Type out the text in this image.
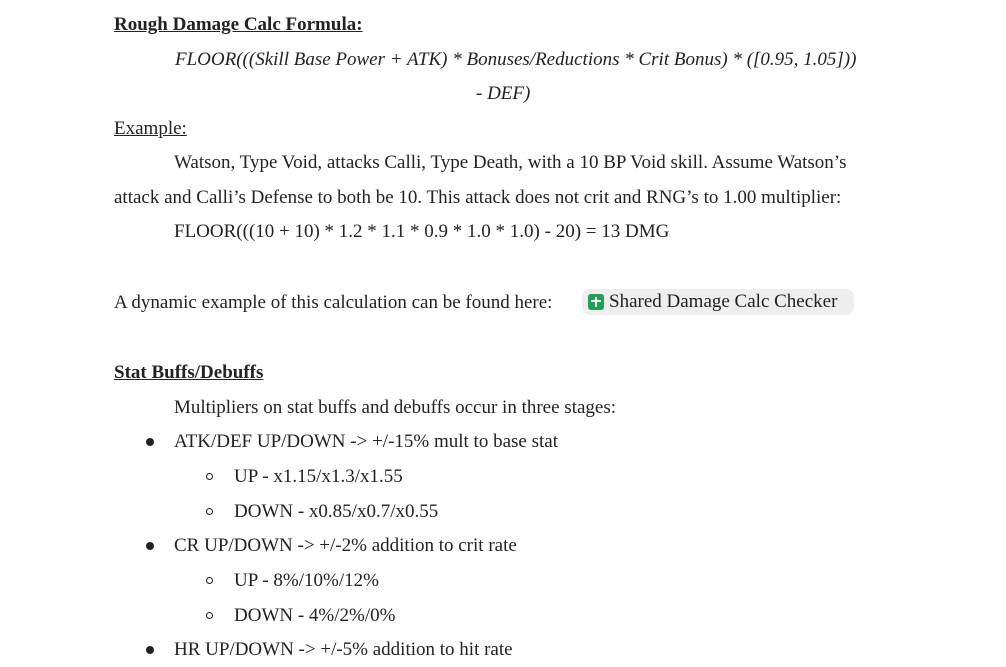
Rough Damage Calc Formula:
FLOOR(((Skill Base Power + ATK) * Bonuses/Reductions * Crit Bonus) * ([0.95, 1.05]))
- DEF)
Example:
Watson, Type Void, attacks Calli, Type Death, with a 10 BP Void skill. Assume Watson’s
attack and Calli’s Defense to both be 10. This attack does not crit and RNG’s to 1.00 multiplier:
FLOOR(((10 + 10) * 1.2 * 1.1 * 0.9 * 1.0 * 1.0) - 20) = 13 DMG
A dynamic example of this calculation can be found here:	Shared Damage Calc Checker
Stat Buffs/Debuffs
Multipliers on stat buffs and debuffs occur in three stages:
ATK/DEF UP/DOWN -> +/-15% mult to base stat
UP - x1.15/x1.3/x1.55
DOWN - x0.85/x0.7/x0.55
CR UP/DOWN -> +/-2% addition to crit rate
UP - 8%/10%/12%
DOWN - 4%/2%/0%
HR UP/DOWN -> +/-5% addition to hit rate
